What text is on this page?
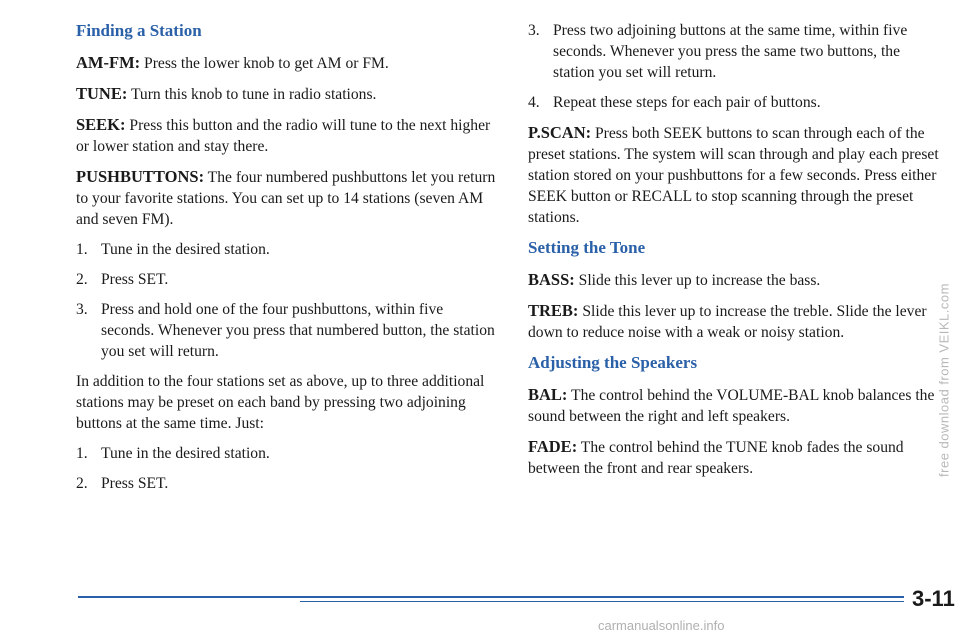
Finding a Station

AM-FM: Press the lower knob to get AM or FM.

TUNE: Turn this knob to tune in radio stations.

SEEK: Press this button and the radio will tune to the next higher or lower station and stay there.

PUSHBUTTONS: The four numbered pushbuttons let you return to your favorite stations. You can set up to 14 stations (seven AM and seven FM).

1. Tune in the desired station.
2. Press SET.
3. Press and hold one of the four pushbuttons, within five seconds. Whenever you press that numbered button, the station you set will return.

In addition to the four stations set as above, up to three additional stations may be preset on each band by pressing two adjoining buttons at the same time. Just:

1. Tune in the desired station.
2. Press SET.
3. Press two adjoining buttons at the same time, within five seconds. Whenever you press the same two buttons, the station you set will return.
4. Repeat these steps for each pair of buttons.

P.SCAN: Press both SEEK buttons to scan through each of the preset stations. The system will scan through and play each preset station stored on your pushbuttons for a few seconds. Press either SEEK button or RECALL to stop scanning through the preset stations.

Setting the Tone

BASS: Slide this lever up to increase the bass.

TREB: Slide this lever up to increase the treble. Slide the lever down to reduce noise with a weak or noisy station.

Adjusting the Speakers

BAL: The control behind the VOLUME-BAL knob balances the sound between the right and left speakers.

FADE: The control behind the TUNE knob fades the sound between the front and rear speakers.

3-11
free download from VEIKL.com
carmanualsonline.info
